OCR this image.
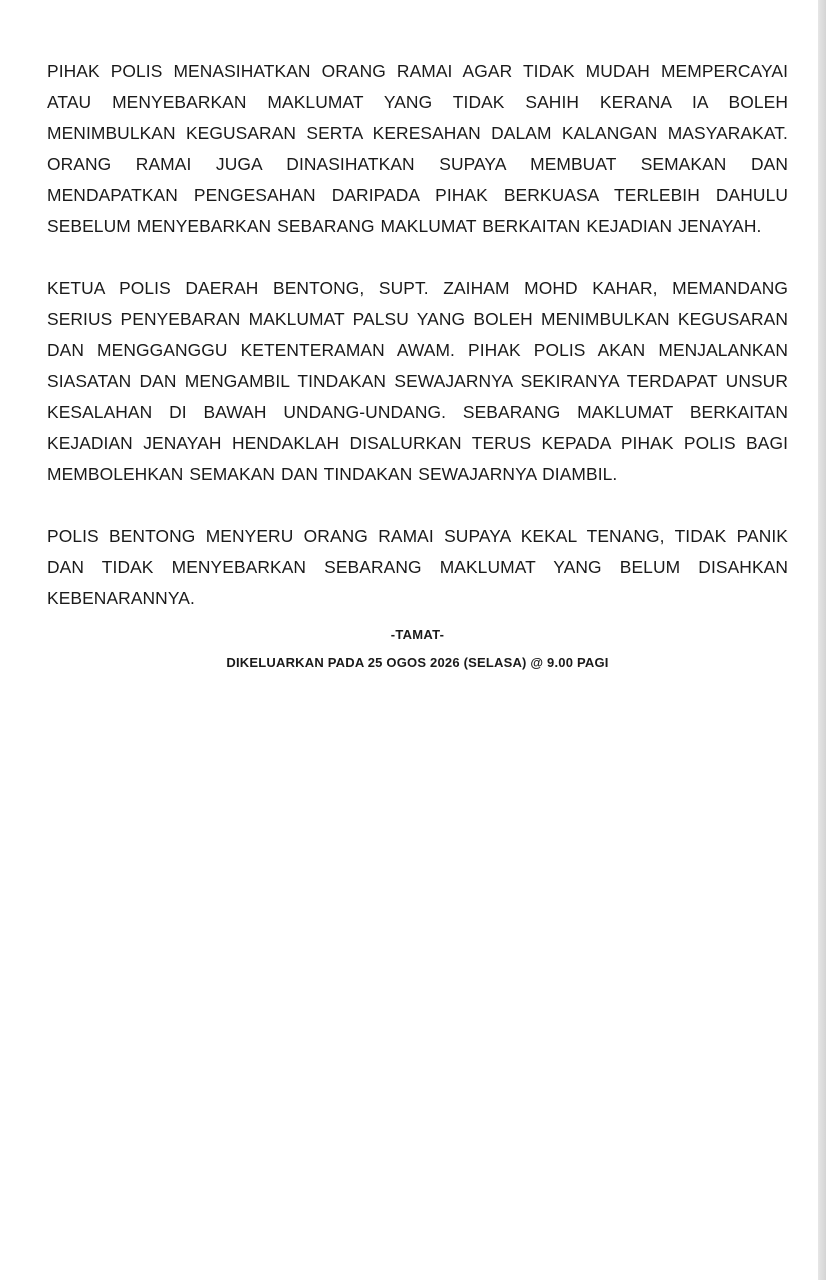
PIHAK POLIS MENASIHATKAN ORANG RAMAI AGAR TIDAK MUDAH MEMPERCAYAI ATAU MENYEBARKAN MAKLUMAT YANG TIDAK SAHIH KERANA IA BOLEH MENIMBULKAN KEGUSARAN SERTA KERESAHAN DALAM KALANGAN MASYARAKAT. ORANG RAMAI JUGA DINASIHATKAN SUPAYA MEMBUAT SEMAKAN DAN MENDAPATKAN PENGESAHAN DARIPADA PIHAK BERKUASA TERLEBIH DAHULU SEBELUM MENYEBARKAN SEBARANG MAKLUMAT BERKAITAN KEJADIAN JENAYAH.

KETUA POLIS DAERAH BENTONG, SUPT. ZAIHAM MOHD KAHAR, MEMANDANG SERIUS PENYEBARAN MAKLUMAT PALSU YANG BOLEH MENIMBULKAN KEGUSARAN DAN MENGGANGGU KETENTERAMAN AWAM. PIHAK POLIS AKAN MENJALANKAN SIASATAN DAN MENGAMBIL TINDAKAN SEWAJARNYA SEKIRANYA TERDAPAT UNSUR KESALAHAN DI BAWAH UNDANG-UNDANG. SEBARANG MAKLUMAT BERKAITAN KEJADIAN JENAYAH HENDAKLAH DISALURKAN TERUS KEPADA PIHAK POLIS BAGI MEMBOLEHKAN SEMAKAN DAN TINDAKAN SEWAJARNYA DIAMBIL.

POLIS BENTONG MENYERU ORANG RAMAI SUPAYA KEKAL TENANG, TIDAK PANIK DAN TIDAK MENYEBARKAN SEBARANG MAKLUMAT YANG BELUM DISAHKAN KEBENARANNYA.

-TAMAT-
DIKELUARKAN PADA 25 OGOS 2026 (SELASA) @ 9.00 PAGI
